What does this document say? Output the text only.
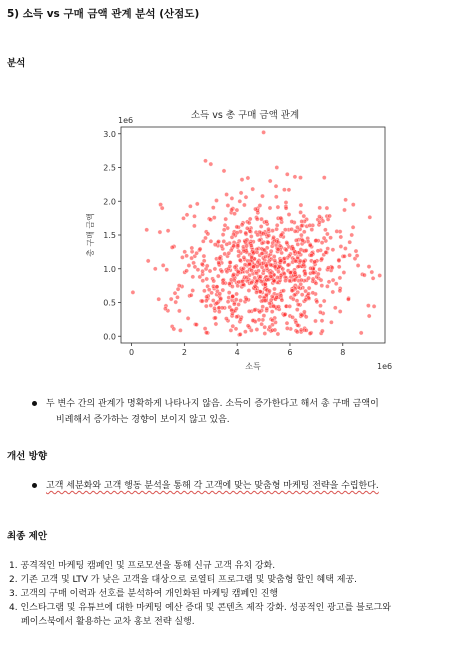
5) 소득 vs 구매 금액 관계 분석 (산점도)
분석
소득 vs 총 구매 금액 관계
1e6
0	2	4	6	8
0.0
0.5
1.0
1.5
2.0
2.5
3.0
소득	1e6
총 구매 금액
두 변수 간의 관계가 명확하게 나타나지 않음. 소득이 증가한다고 해서 총 구매 금액이
비례해서 증가하는 경향이 보이지 않고 있음.
개선 방향
고객 세분화와 고객 행동 분석을 통해 각 고객에 맞는 맞춤형 마케팅 전략을 수립한다.
최종 제안
1. 공격적인 마케팅 캠페인 및 프로모션을 통해 신규 고객 유치 강화.
2. 기존 고객 및 LTV 가 낮은 고객을 대상으로 로열티 프로그램 및 맞춤형 할인 혜택 제공.
3. 고객의 구매 이력과 선호를 분석하여 개인화된 마케팅 캠페인 진행
4. 인스타그램 및 유튜브에 대한 마케팅 예산 증대 및 콘텐츠 제작 강화. 성공적인 광고를 블로그와
페이스북에서 활용하는 교차 홍보 전략 실행.
